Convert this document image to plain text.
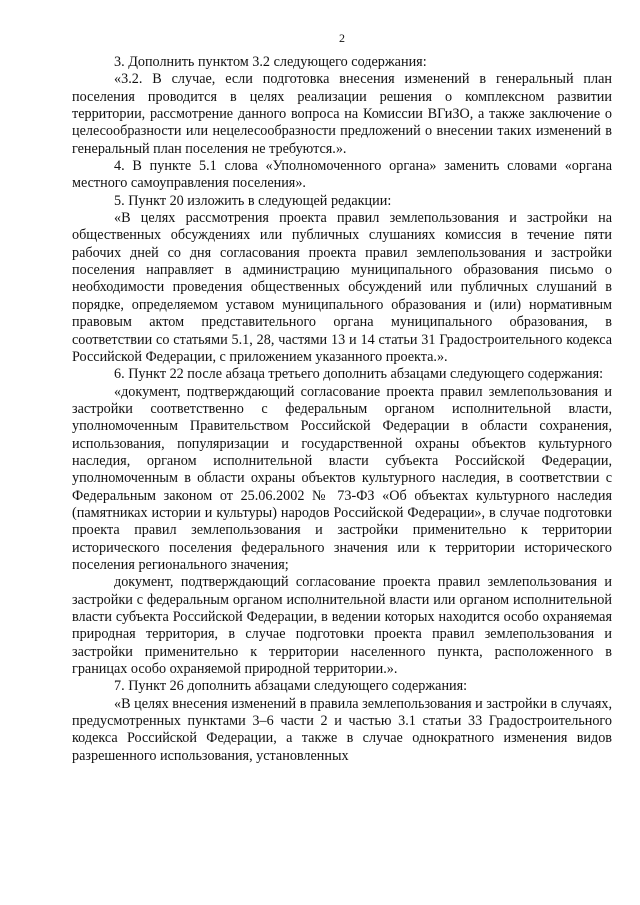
2

3. Дополнить пунктом 3.2 следующего содержания:

«3.2. В случае, если подготовка внесения изменений в генеральный план поселения проводится в целях реализации решения о комплексном развитии территории, рассмотрение данного вопроса на Комиссии ВГиЗО, а также заключение о целесообразности или нецелесообразности предложений о внесении таких изменений в генеральный план поселения не требуются.».

4. В пункте 5.1 слова «Уполномоченного органа» заменить словами «органа местного самоуправления поселения».

5. Пункт 20 изложить в следующей редакции:

«В целях рассмотрения проекта правил землепользования и застройки на общественных обсуждениях или публичных слушаниях комиссия в течение пяти рабочих дней со дня согласования проекта правил землепользования и застройки поселения направляет в администрацию муниципального образования письмо о необходимости проведения общественных обсуждений или публичных слушаний в порядке, определяемом уставом муниципального образования и (или) нормативным правовым актом представительного органа муниципального образования, в соответствии со статьями 5.1, 28, частями 13 и 14 статьи 31 Градостроительного кодекса Российской Федерации, с приложением указанного проекта.».

6. Пункт 22 после абзаца третьего дополнить абзацами следующего содержания:

«документ, подтверждающий согласование проекта правил землепользования и застройки соответственно с федеральным органом исполнительной власти, уполномоченным Правительством Российской Федерации в области сохранения, использования, популяризации и государственной охраны объектов культурного наследия, органом исполнительной власти субъекта Российской Федерации, уполномоченным в области охраны объектов культурного наследия, в соответствии с Федеральным законом от 25.06.2002 № 73-ФЗ «Об объектах культурного наследия (памятниках истории и культуры) народов Российской Федерации», в случае подготовки проекта правил землепользования и застройки применительно к территории исторического поселения федерального значения или к территории исторического поселения регионального значения;

документ, подтверждающий согласование проекта правил землепользования и застройки с федеральным органом исполнительной власти или органом исполнительной власти субъекта Российской Федерации, в ведении которых находится особо охраняемая природная территория, в случае подготовки проекта правил землепользования и застройки применительно к территории населенного пункта, расположенного в границах особо охраняемой природной территории.».

7. Пункт 26 дополнить абзацами следующего содержания:

«В целях внесения изменений в правила землепользования и застройки в случаях, предусмотренных пунктами 3–6 части 2 и частью 3.1 статьи 33 Градостроительного кодекса Российской Федерации, а также в случае однократного изменения видов разрешенного использования, установленных
